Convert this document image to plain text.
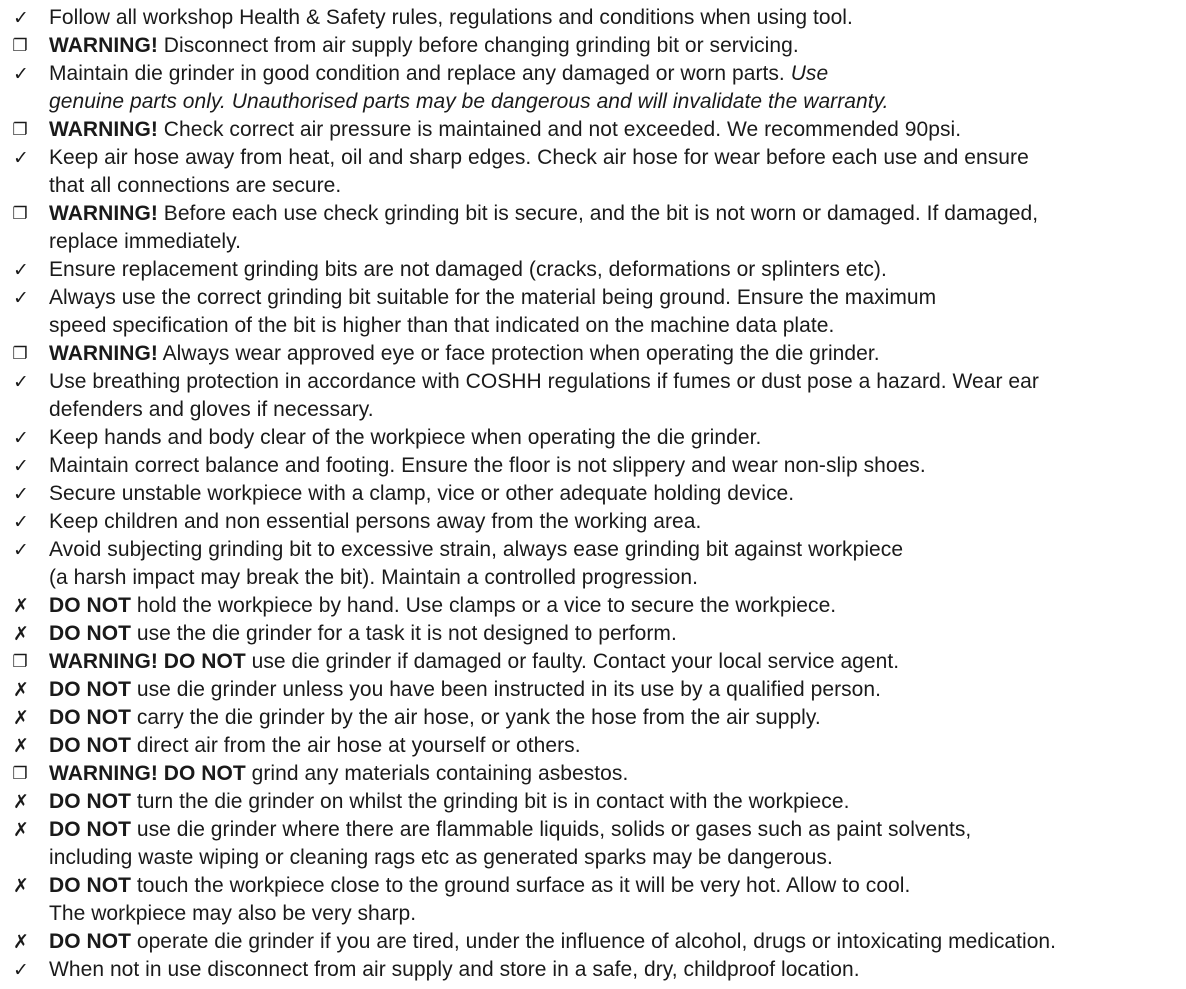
✓ Follow all workshop Health & Safety rules, regulations and conditions when using tool.
❐ WARNING! Disconnect from air supply before changing grinding bit or servicing.
✓ Maintain die grinder in good condition and replace any damaged or worn parts. Use
genuine parts only. Unauthorised parts may be dangerous and will invalidate the warranty.
❐ WARNING! Check correct air pressure is maintained and not exceeded. We recommended 90psi.
✓ Keep air hose away from heat, oil and sharp edges. Check air hose for wear before each use and ensure
that all connections are secure.
❐ WARNING! Before each use check grinding bit is secure, and the bit is not worn or damaged. If damaged,
replace immediately.
✓ Ensure replacement grinding bits are not damaged (cracks, deformations or splinters etc).
✓ Always use the correct grinding bit suitable for the material being ground. Ensure the maximum
speed specification of the bit is higher than that indicated on the machine data plate.
❐ WARNING! Always wear approved eye or face protection when operating the die grinder.
✓ Use breathing protection in accordance with COSHH regulations if fumes or dust pose a hazard. Wear ear
defenders and gloves if necessary.
✓ Keep hands and body clear of the workpiece when operating the die grinder.
✓ Maintain correct balance and footing. Ensure the floor is not slippery and wear non-slip shoes.
✓ Secure unstable workpiece with a clamp, vice or other adequate holding device.
✓ Keep children and non essential persons away from the working area.
✓ Avoid subjecting grinding bit to excessive strain, always ease grinding bit against workpiece
(a harsh impact may break the bit). Maintain a controlled progression.
✗ DO NOT hold the workpiece by hand. Use clamps or a vice to secure the workpiece.
✗ DO NOT use the die grinder for a task it is not designed to perform.
❐ WARNING! DO NOT use die grinder if damaged or faulty. Contact your local service agent.
✗ DO NOT use die grinder unless you have been instructed in its use by a qualified person.
✗ DO NOT carry the die grinder by the air hose, or yank the hose from the air supply.
✗ DO NOT direct air from the air hose at yourself or others.
❐ WARNING! DO NOT grind any materials containing asbestos.
✗ DO NOT turn the die grinder on whilst the grinding bit is in contact with the workpiece.
✗ DO NOT use die grinder where there are flammable liquids, solids or gases such as paint solvents,
including waste wiping or cleaning rags etc as generated sparks may be dangerous.
✗ DO NOT touch the workpiece close to the ground surface as it will be very hot. Allow to cool.
The workpiece may also be very sharp.
✗ DO NOT operate die grinder if you are tired, under the influence of alcohol, drugs or intoxicating medication.
✓ When not in use disconnect from air supply and store in a safe, dry, childproof location.
